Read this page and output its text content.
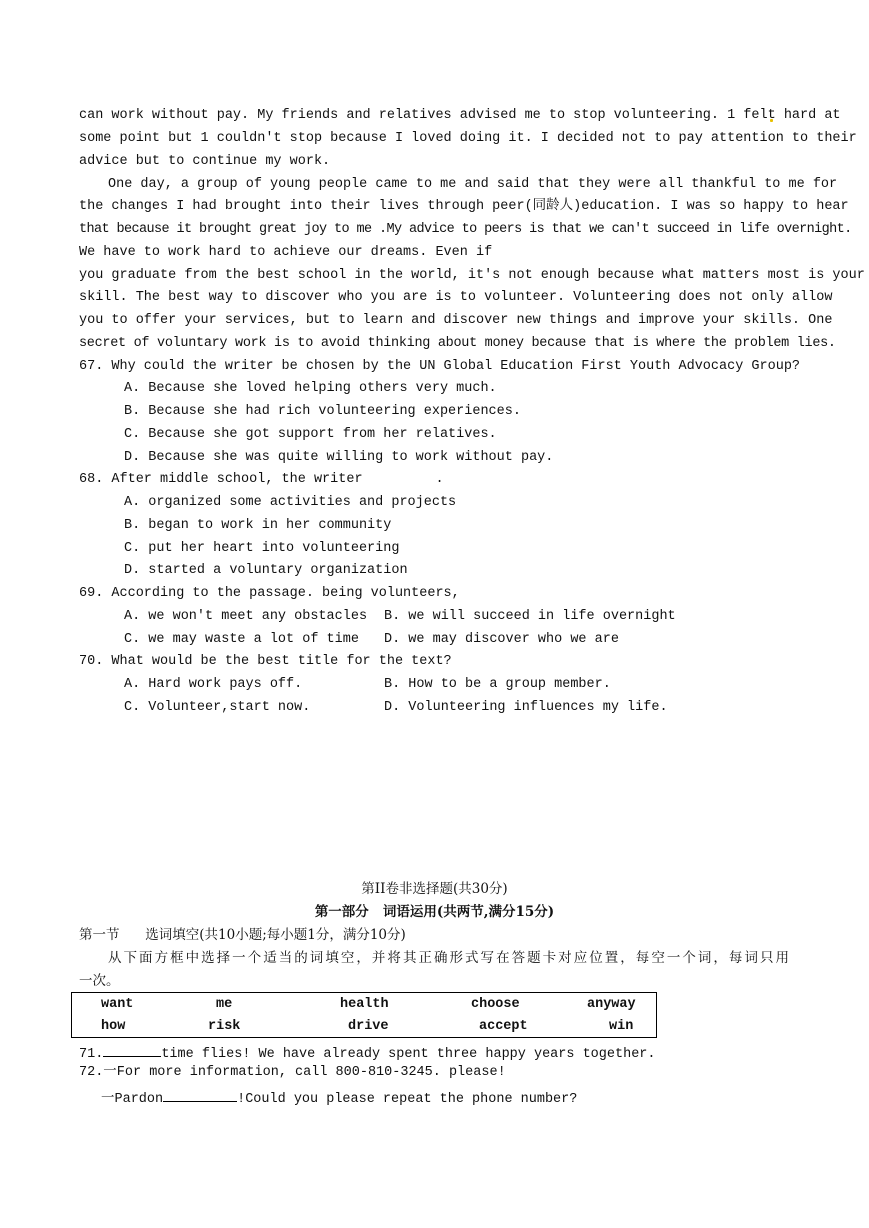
can work without pay. My friends and relatives advised me to stop volunteering. 1 felt hard at
some point but 1 couldn't stop because I loved doing it. I decided not to pay attention to their
advice but to continue my work.
One day, a group of young people came to me and said that they were all thankful to me for
the changes I had brought into their lives through peer(同龄人)education. I was so happy to hear
that because it brought great joy to me .My advice to peers is that we can't succeed in life overnight.
We have to work hard to achieve our dreams. Even if
you graduate from the best school in the world, it's not enough because what matters most is your
skill. The best way to discover who you are is to volunteer. Volunteering does not only allow
you to offer your services, but to learn and discover new things and improve your skills. One
secret of voluntary work is to avoid thinking about money because that is where the problem lies.
67. Why could the writer be chosen by the UN Global Education First Youth Advocacy Group?
A. Because she loved helping others very much.
B. Because she had rich volunteering experiences.
C. Because she got support from her relatives.
D. Because she was quite willing to work without pay.
68. After middle school, the writer         .
A. organized some activities and projects
B. began to work in her community
C. put her heart into volunteering
D. started a voluntary organization
69. According to the passage. being volunteers,
A. we won't meet any obstacles B. we will succeed in life overnight
C. we may waste a lot of time D. we may discover who we are
70. What would be the best title for the text?
A. Hard work pays off.	B. How to be a group member.
C. Volunteer,start now.	D. Volunteering influences my life.
第II卷非选择题(共30分)
第一部分   词语运用(共两节,满分15分)
第一节      选词填空(共10小题;每小题1分，满分10分)
从下面方框中选择一个适当的词填空，并将其正确形式写在答题卡对应位置，每空一个词，每词只用
一次。
want	me	health	choose	anyway
how	risk	drive	accept	win
71.	time flies! We have already spent three happy years together.
72.一For more information, call 800-810-3245. please!
一Pardon	!Could you please repeat the phone number?
